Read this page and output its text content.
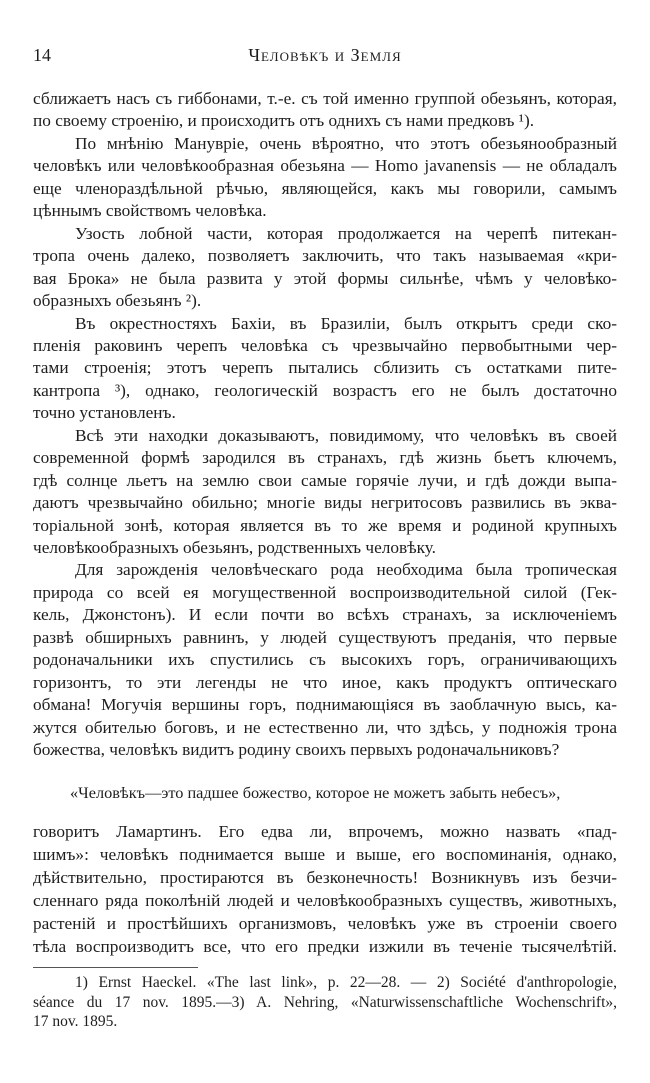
14	Человѣкъ и Земля
сближаетъ насъ съ гиббонами, т.-е. съ той именно группой обезьянъ, которая,
по своему строенію, и происходитъ отъ однихъ съ нами предковъ ¹).
По мнѣнію Манувріе, очень вѣроятно, что этотъ обезьянообразный
человѣкъ или человѣкообразная обезьяна — Homo javanensis — не обладалъ
еще членораздѣльной рѣчью, являющейся, какъ мы говорили, самымъ
цѣннымъ свойствомъ человѣка.
Узость лобной части, которая продолжается на черепѣ питекан-
тропа очень далеко, позволяетъ заключить, что такъ называемая «кри-
вая Брока» не была развита у этой формы сильнѣе, чѣмъ у человѣко-
образныхъ обезьянъ ²).
Въ окрестностяхъ Бахіи, въ Бразиліи, былъ открытъ среди ско-
пленія раковинъ черепъ человѣка съ чрезвычайно первобытными чер-
тами строенія; этотъ черепъ пытались сблизить съ остатками пите-
кантропа ³), однако, геологическій возрастъ его не былъ достаточно
точно установленъ.
Всѣ эти находки доказываютъ, повидимому, что человѣкъ въ своей
современной формѣ зародился въ странахъ, гдѣ жизнь бьетъ ключемъ,
гдѣ солнце льетъ на землю свои самые горячіе лучи, и гдѣ дожди выпа-
даютъ чрезвычайно обильно; многіе виды негритосовъ развились въ эква-
торіальной зонѣ, которая является въ то же время и родиной крупныхъ
человѣкообразныхъ обезьянъ, родственныхъ человѣку.
Для зарожденія человѣческаго рода необходима была тропическая
природа со всей ея могущественной воспроизводительной силой (Гек-
кель, Джонстонъ). И если почти во всѣхъ странахъ, за исключеніемъ
развѣ обширныхъ равнинъ, у людей существуютъ преданія, что первые
родоначальники ихъ спустились съ высокихъ горъ, ограничивающихъ
горизонтъ, то эти легенды не что иное, какъ продуктъ оптическаго
обмана! Могучія вершины горъ, поднимающіяся въ заоблачную высь, ка-
жутся обителью боговъ, и не естественно ли, что здѣсь, у подножія трона
божества, человѣкъ видитъ родину своихъ первыхъ родоначальниковъ?
«Человѣкъ—это падшее божество, которое не можетъ забыть небесъ»,
говоритъ Ламартинъ. Его едва ли, впрочемъ, можно назвать «пад-
шимъ»: человѣкъ поднимается выше и выше, его воспоминанія, однако,
дѣйствительно, простираются въ безконечность! Возникнувъ изъ безчи-
сленнаго ряда поколѣній людей и человѣкообразныхъ существъ, животныхъ,
растеній и простѣйшихъ организмовъ, человѣкъ уже въ строеніи своего
тѣла воспроизводитъ все, что его предки изжили въ теченіе тысячелѣтій.
1) Ernst Haeckel. «The last link», p. 22—28. — 2) Société d'anthropologie,
séance du 17 nov. 1895.—3) A. Nehring, «Naturwissenschaftliche Wochenschrift»,
17 nov. 1895.
